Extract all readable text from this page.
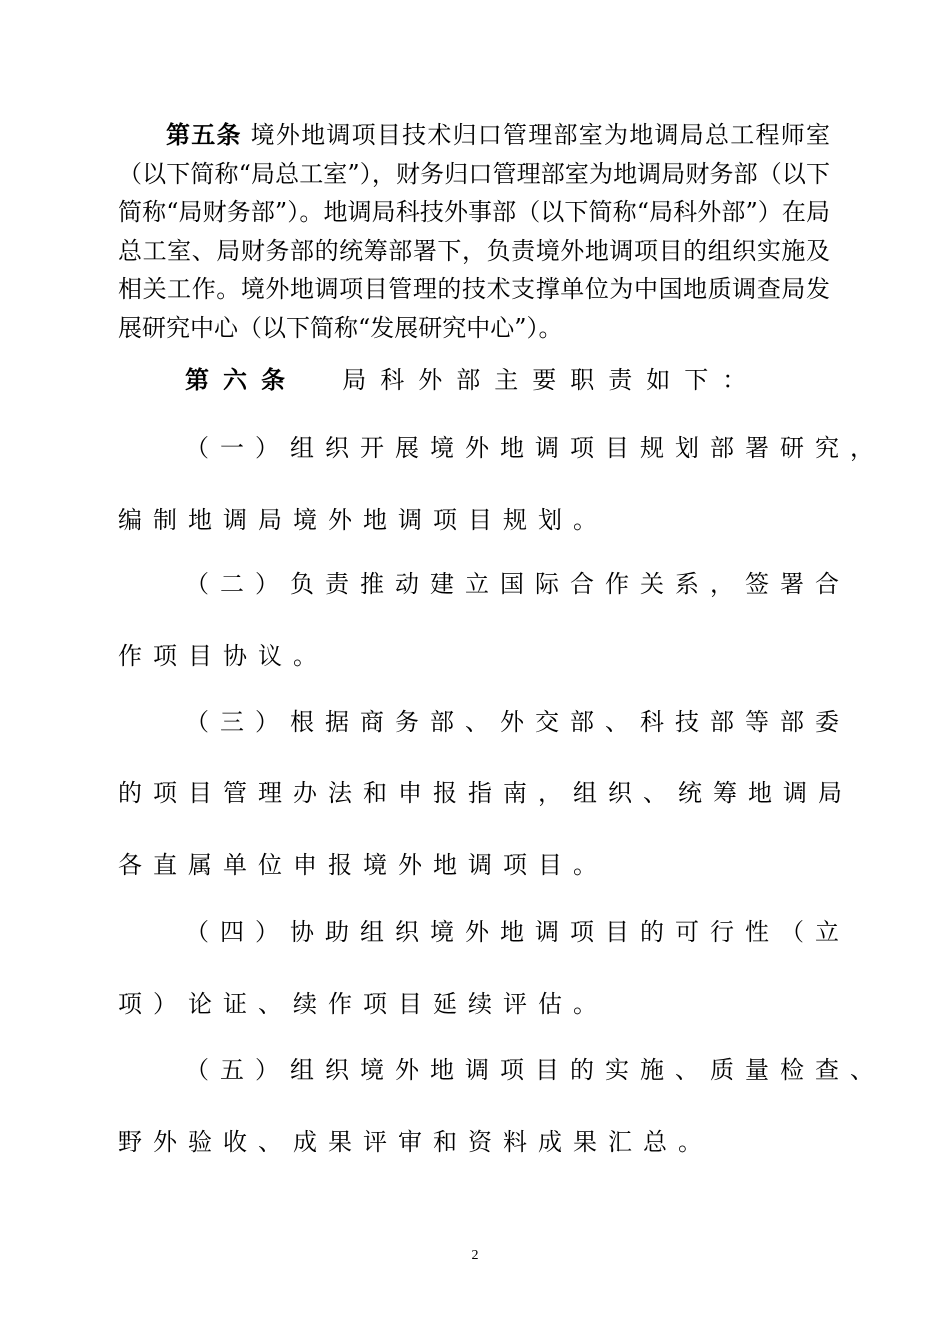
第五条 境外地调项目技术归口管理部室为地调局总工程师室（以下简称“局总工室”），财务归口管理部室为地调局财务部（以下简称“局财务部”）。地调局科技外事部（以下简称“局科外部”）在局总工室、局财务部的统筹部署下，负责境外地调项目的组织实施及相关工作。境外地调项目管理的技术支撑单位为中国地质调查局发展研究中心（以下简称“发展研究中心”）。
第六条 局科外部主要职责如下：
（一）组织开展境外地调项目规划部署研究，
编制地调局境外地调项目规划。
（二）负责推动建立国际合作关系，签署合
作项目协议。
（三）根据商务部、外交部、科技部等部委
的项目管理办法和申报指南，组织、统筹地调局
各直属单位申报境外地调项目。
（四）协助组织境外地调项目的可行性（立
项）论证、续作项目延续评估。
（五）组织境外地调项目的实施、质量检查、
野外验收、成果评审和资料成果汇总。
2
